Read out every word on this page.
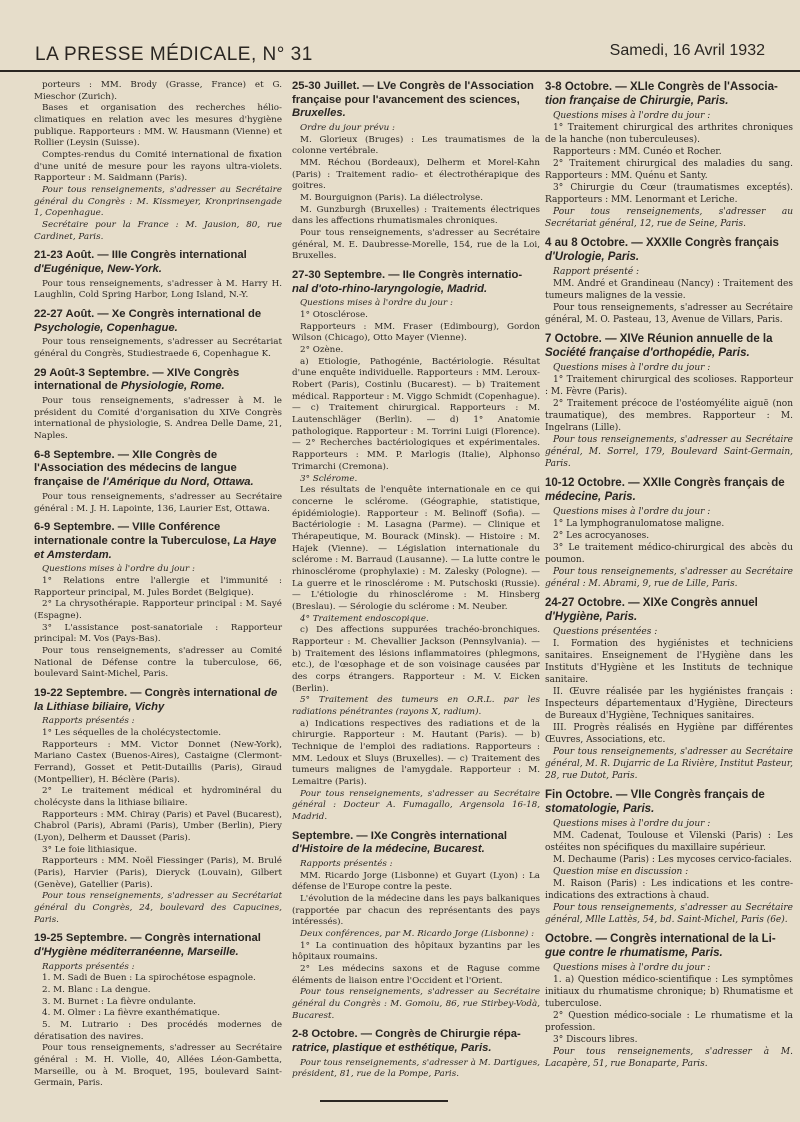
LA PRESSE MÉDICALE, N° 31	Samedi, 16 Avril 1932

porteurs : MM. Brody (Grasse, France) et G. Mieschor (Zurich).

Bases et organisation des recherches hélio-climatiques en relation avec les mesures d'hygiène publique. Rapporteurs : MM. W. Hausmann (Vienne) et Rollier (Leysin (Suisse).

Comptes-rendus du Comité international de fixation d'une unité de mesure pour les rayons ultra-violets. Rapporteur : M. Saidmann (Paris).

Pour tous renseignements, s'adresser au Secrétaire général du Congrès : M. Kissmeyer, Kronprinsengade 1, Copenhague.

Secrétaire pour la France : M. Jausion, 80, rue Cardinet, Paris.

21-23 Août. — IIIe Congrès international d'Eugénique, New-York.

Pour tous renseignements, s'adresser à M. Harry H. Laughlin, Cold Spring Harbor, Long Island, N.-Y.

22-27 Août. — Xe Congrès international de Psychologie, Copenhague.

Pour tous renseignements, s'adresser au Secrétariat général du Congrès, Studiestraede 6, Copenhague K.

29 Août-3 Septembre. — XIVe Congrès international de Physiologie, Rome.

Pour tous renseignements, s'adresser à M. le président du Comité d'organisation du XIVe Congrès international de physiologie, S. Andrea Delle Dame, 21, Naples.

6-8 Septembre. — XIIe Congrès de l'Association des médecins de langue française de l'Amérique du Nord, Ottawa.

Pour tous renseignements, s'adresser au Secrétaire général : M. J. H. Lapointe, 136, Laurier Est, Ottawa.

6-9 Septembre. — VIIIe Conférence internationale contre la Tuberculose, La Haye et Amsterdam.

Questions mises à l'ordre du jour :

1° Relations entre l'allergie et l'immunité : Rapporteur principal, M. Jules Bordet (Belgique).

2° La chrysothérapie. Rapporteur principal : M. Sayé (Espagne).

3° L'assistance post-sanatoriale : Rapporteur principal: M. Vos (Pays-Bas).

Pour tous renseignements, s'adresser au Comité National de Défense contre la tuberculose, 66, boulevard Saint-Michel, Paris.

19-22 Septembre. — Congrès international de la Lithiase biliaire, Vichy

Rapports présentés :

1° Les séquelles de la cholécystectomie.

Rapporteurs : MM. Victor Donnet (New-York), Mariano Castex (Buenos-Aires), Castaigne (Clermont-Ferrand), Gosset et Petit-Dutaillis (Paris), Giraud (Montpellier), H. Béclère (Paris).

2° Le traitement médical et hydrominéral du cholécyste dans la lithiase biliaire.

Rapporteurs : MM. Chiray (Paris) et Pavel (Bucarest), Chabrol (Paris), Abrami (Paris), Umber (Berlin), Piery (Lyon), Delherm et Dausset (Paris).

3° Le foie lithiasique.

Rapporteurs : MM. Noël Fiessinger (Paris), M. Brulé (Paris), Harvier (Paris), Dieryck (Louvain), Gilbert (Genève), Gatellier (Paris).

Pour tous renseignements, s'adresser au Secrétariat général du Congrès, 24, boulevard des Capucines, Paris.

19-25 Septembre. — Congrès international d'Hygiène méditerranéenne, Marseille.

Rapports présentés :

1. M. Sadi de Buen : La spirochétose espagnole.

2. M. Blanc : La dengue.

3. M. Burnet : La fièvre ondulante.

4. M. Olmer : La fièvre exanthématique.

5. M. Lutrario : Des procédés modernes de dératisation des navires.

Pour tous renseignements, s'adresser au Secrétaire général : M. H. Violle, 40, Allées Léon-Gambetta, Marseille, ou à M. Broquet, 195, boulevard Saint-Germain, Paris.

25-30 Juillet. — LVe Congrès de l'Association française pour l'avancement des sciences, Bruxelles.

Ordre du jour prévu :

M. Glorieux (Bruges) : Les traumatismes de la colonne vertébrale.

MM. Réchou (Bordeaux), Delherm et Morel-Kahn (Paris) : Traitement radio- et électrothérapique des goitres.

M. Bourguignon (Paris). La diélectrolyse.

M. Gunzburgh (Bruxelles) : Traitements électriques dans les affections rhumatismales chroniques.

Pour tous renseignements, s'adresser au Secrétaire général, M. E. Daubresse-Morelle, 154, rue de la Loi, Bruxelles.

27-30 Septembre. — IIe Congrès internatio- nal d'oto-rhino-laryngologie, Madrid.

Questions mises à l'ordre du jour :

1° Otosclérose.

Rapporteurs : MM. Fraser (Edimbourg), Gordon Wilson (Chicago), Otto Mayer (Vienne).

2° Ozène.

a) Etiologie, Pathogénie, Bactériologie. Résultat d'une enquête individuelle. Rapporteurs : MM. Leroux-Robert (Paris), Costinlu (Bucarest). — b) Traitement médical. Rapporteur : M. Viggo Schmidt (Copenhague). — c) Traitement chirurgical. Rapporteurs : M. Lautenschläger (Berlin). — d) 1° Anatomie pathologique. Rapporteur : M. Torrini Luigi (Florence). — 2° Recherches bactériologiques et expérimentales. Rapporteurs : MM. P. Marlogis (Italie), Alphonso Trimarchi (Cremona).

3° Sclérome.

Les résultats de l'enquête internationale en ce qui concerne le sclérome. (Géographie, statistique, épidémiologie). Rapporteur : M. Belinoff (Sofia). — Bactériologie : M. Lasagna (Parme). — Clinique et Thérapeutique, M. Bourack (Minsk). — Histoire : M. Hajek (Vienne). — Législation internationale du sclérome : M. Barraud (Lausanne). — La lutte contre le rhinosclérome (prophylaxie) : M. Zalesky (Pologne). — La guerre et le rinosclérome : M. Putschoski (Russie). — L'étiologie du rhinosclérome : M. Hinsberg (Breslau). — Sérologie du sclérome : M. Neuber.

4° Traitement endoscopique.

c) Des affections suppurées trachéo-bronchiques. Rapporteur : M. Chevallier Jackson (Pennsylvania). — b) Traitement des lésions inflammatoires (phlegmons, etc.), de l'œsophage et de son voisinage causées par des corps étrangers. Rapporteur : M. V. Eicken (Berlin).

5° Traitement des tumeurs en O.R.L. par les radiations pénétrantes (rayons X, radium).

a) Indications respectives des radiations et de la chirurgie. Rapporteur : M. Hautant (Paris). — b) Technique de l'emploi des radiations. Rapporteurs : MM. Ledoux et Sluys (Bruxelles). — c) Traitement des tumeurs malignes de l'amygdale. Rapporteur : M. Lemaitre (Paris).

Pour tous renseignements, s'adresser au Secrétaire général : Docteur A. Fumagallo, Argensola 16-18, Madrid.

Septembre. — IXe Congrès international d'Histoire de la médecine, Bucarest.

Rapports présentés :

MM. Ricardo Jorge (Lisbonne) et Guyart (Lyon) : La défense de l'Europe contre la peste.

L'évolution de la médecine dans les pays balkaniques (rapportée par chacun des représentants des pays intéressés).

Deux conférences, par M. Ricardo Jorge (Lisbonne) :

1° La continuation des hôpitaux byzantins par les hôpitaux roumains.

2° Les médecins saxons et de Raguse comme éléments de liaison entre l'Occident et l'Orient.

Pour tous renseignements, s'adresser au Secrétaire général du Congrès : M. Gomoiu, 86, rue Stirbey-Vodà, Bucarest.

2-8 Octobre. — Congrès de Chirurgie répa- ratrice, plastique et esthétique, Paris.

Pour tous renseignements, s'adresser à M. Dartigues, président, 81, rue de la Pompe, Paris.

3-8 Octobre. — XLIe Congrès de l'Associa- tion française de Chirurgie, Paris.

Questions mises à l'ordre du jour :

1° Traitement chirurgical des arthrites chroniques de la hanche (non tuberculeuses).

Rapporteurs : MM. Cunéo et Rocher.

2° Traitement chirurgical des maladies du sang. Rapporteurs : MM. Quénu et Santy.

3° Chirurgie du Cœur (traumatismes exceptés). Rapporteurs : MM. Lenormant et Leriche.

Pour tous renseignements, s'adresser au Secrétariat général, 12, rue de Seine, Paris.

4 au 8 Octobre. — XXXIIe Congrès français d'Urologie, Paris.

Rapport présenté :

MM. André et Grandineau (Nancy) : Traitement des tumeurs malignes de la vessie.

Pour tous renseignements, s'adresser au Secrétaire général, M. O. Pasteau, 13, Avenue de Villars, Paris.

7 Octobre. — XIVe Réunion annuelle de la Société française d'orthopédie, Paris.

Questions mises à l'ordre du jour :

1° Traitement chirurgical des scolioses. Rapporteur : M. Fèvre (Paris).

2° Traitement précoce de l'ostéomyélite aiguë (non traumatique), des membres. Rapporteur : M. Ingelrans (Lille).

Pour tous renseignements, s'adresser au Secrétaire général, M. Sorrel, 179, Boulevard Saint-Germain, Paris.

10-12 Octobre. — XXIIe Congrès français de médecine, Paris.

Questions mises à l'ordre du jour :

1° La lymphogranulomatose maligne.

2° Les acrocyanoses.

3° Le traitement médico-chirurgical des abcès du poumon.

Pour tous renseignements, s'adresser au Secrétaire général : M. Abrami, 9, rue de Lille, Paris.

24-27 Octobre. — XIXe Congrès annuel d'Hygiène, Paris.

Questions présentées :

I. Formation des hygiénistes et techniciens sanitaires. Enseignement de l'Hygiène dans les Instituts d'Hygiène et les Instituts de technique sanitaire.

II. Œuvre réalisée par les hygiénistes français : Inspecteurs départementaux d'Hygiène, Directeurs de Bureaux d'Hygiène, Techniques sanitaires.

III. Progrès réalisés en Hygiène par différentes Œuvres, Associations, etc.

Pour tous renseignements, s'adresser au Secrétaire général, M. R. Dujarric de La Rivière, Institut Pasteur, 28, rue Dutot, Paris.

Fin Octobre. — VIIe Congrès français de stomatologie, Paris.

Questions mises à l'ordre du jour :

MM. Cadenat, Toulouse et Vilenski (Paris) : Les ostéites non spécifiques du maxillaire supérieur.

M. Dechaume (Paris) : Les mycoses cervico-faciales.

Question mise en discussion :

M. Raison (Paris) : Les indications et les contre-indications des extractions à chaud.

Pour tous renseignements, s'adresser au Secrétaire général, Mlle Lattès, 54, bd. Saint-Michel, Paris (6e).

Octobre. — Congrès international de la Li- gue contre le rhumatisme, Paris.

Questions mises à l'ordre du jour :

1. a) Question médico-scientifique : Les symptômes initiaux du rhumatisme chronique; b) Rhumatisme et tuberculose.

2° Question médico-sociale : Le rhumatisme et la profession.

3° Discours libres.

Pour tous renseignements, s'adresser à M. Lacapère, 51, rue Bonaparte, Paris.
